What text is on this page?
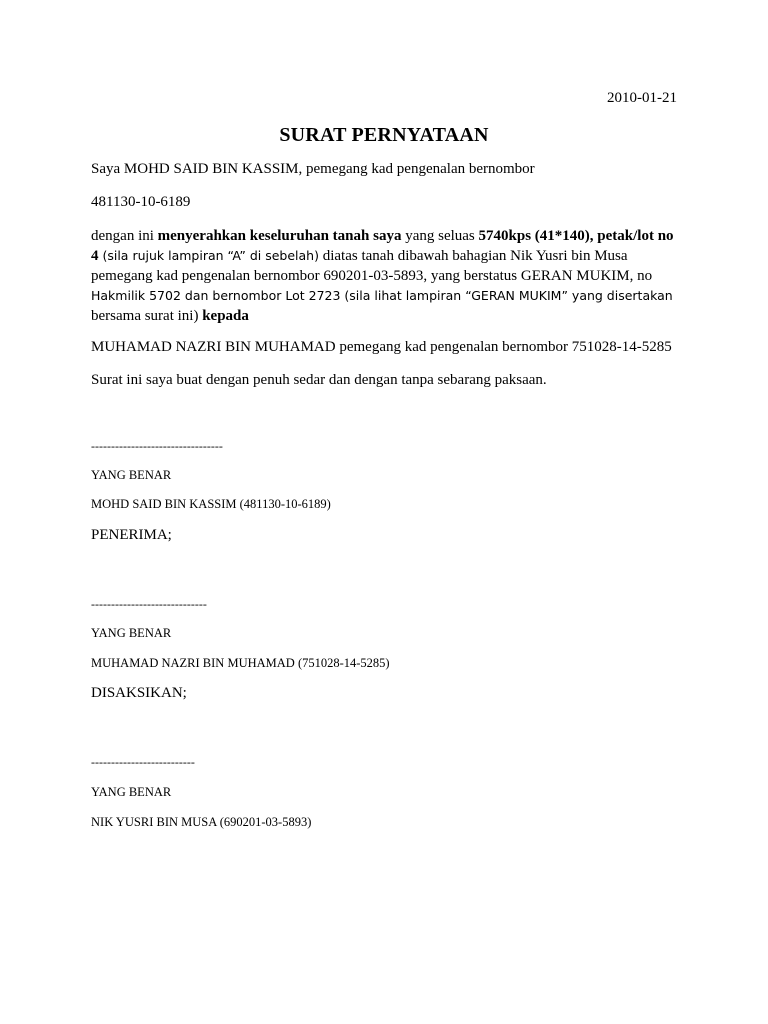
2010-01-21
SURAT PERNYATAAN
Saya MOHD SAID BIN KASSIM, pemegang kad pengenalan bernombor
481130-10-6189
dengan ini menyerahkan keseluruhan tanah saya yang seluas 5740kps (41*140), petak/lot no
4 (sila rujuk lampiran “A” di sebelah) diatas tanah dibawah bahagian Nik Yusri bin Musa
pemegang kad pengenalan bernombor 690201-03-5893, yang berstatus GERAN MUKIM, no
Hakmilik 5702 dan bernombor Lot 2723 (sila lihat lampiran “GERAN MUKIM” yang disertakan
bersama surat ini) kepada
MUHAMAD NAZRI BIN MUHAMAD pemegang kad pengenalan bernombor 751028-14-5285
Surat ini saya buat dengan penuh sedar dan dengan tanpa sebarang paksaan.
---------------------------------
YANG BENAR
MOHD SAID BIN KASSIM (481130-10-6189)
PENERIMA;
-----------------------------
YANG BENAR
MUHAMAD NAZRI BIN MUHAMAD (751028-14-5285)
DISAKSIKAN;
--------------------------
YANG BENAR
NIK YUSRI BIN MUSA (690201-03-5893)
